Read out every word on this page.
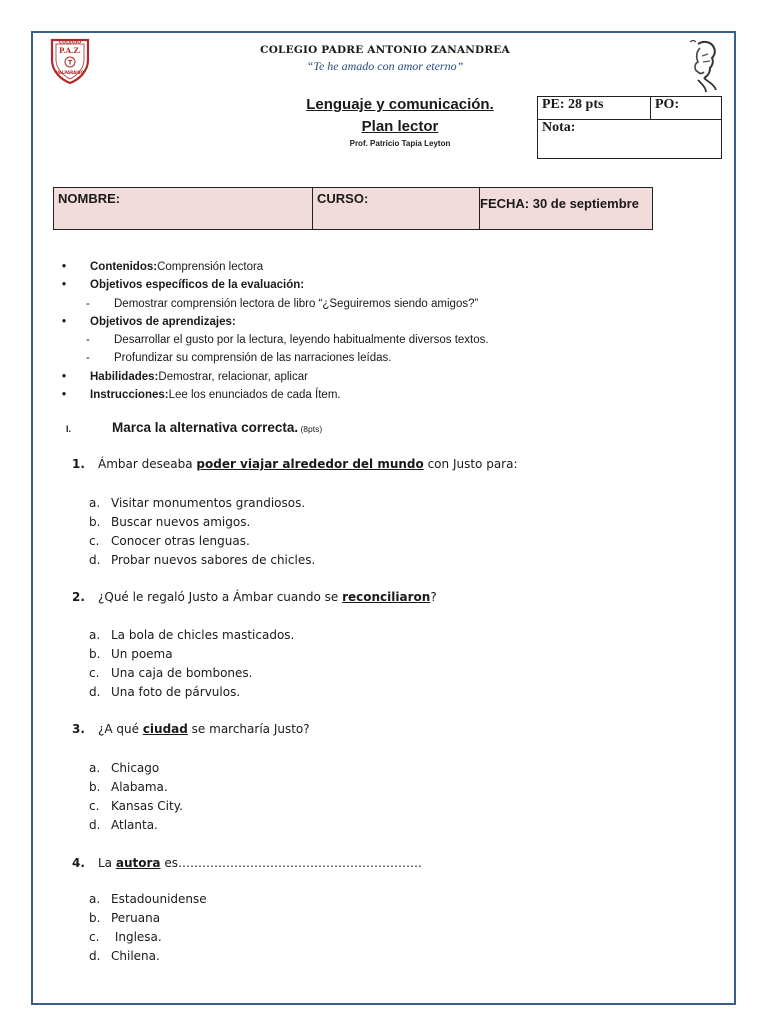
COLEGIO
P.A.Z.
T
VALPARAISO
COLEGIO PADRE ANTONIO ZANANDREA
“Te he amado con amor eterno”
Lenguaje y comunicación.
Plan lector
Prof. Patricio Tapia Leyton
PE: 28 pts	PO:
Nota:
NOMBRE:	CURSO:	FECHA: 30 de septiembre
•	Contenidos: Comprensión lectora
•	Objetivos específicos de la evaluación:
-	Demostrar comprensión lectora de libro “¿Seguiremos siendo amigos?”
•	Objetivos de aprendizajes:
-	Desarrollar el gusto por la lectura, leyendo habitualmente diversos textos.
-	Profundizar su comprensión de las narraciones leídas.
•	Habilidades: Demostrar, relacionar, aplicar
•	Instrucciones: Lee los enunciados de cada Ítem.
I.	Marca la alternativa correcta. (8pts)
1. Ámbar deseaba poder viajar alrededor del mundo con Justo para:
a. Visitar monumentos grandiosos.
b. Buscar nuevos amigos.
c. Conocer otras lenguas.
d. Probar nuevos sabores de chicles.
2. ¿Qué le regaló Justo a Ámbar cuando se reconciliaron?
a. La bola de chicles masticados.
b. Un poema
c. Una caja de bombones.
d. Una foto de párvulos.
3. ¿A qué ciudad se marcharía Justo?
a. Chicago
b. Alabama.
c. Kansas City.
d. Atlanta.
4. La autora es…………………………………………………….
a. Estadounidense
b. Peruana
c. Inglesa.
d. Chilena.
